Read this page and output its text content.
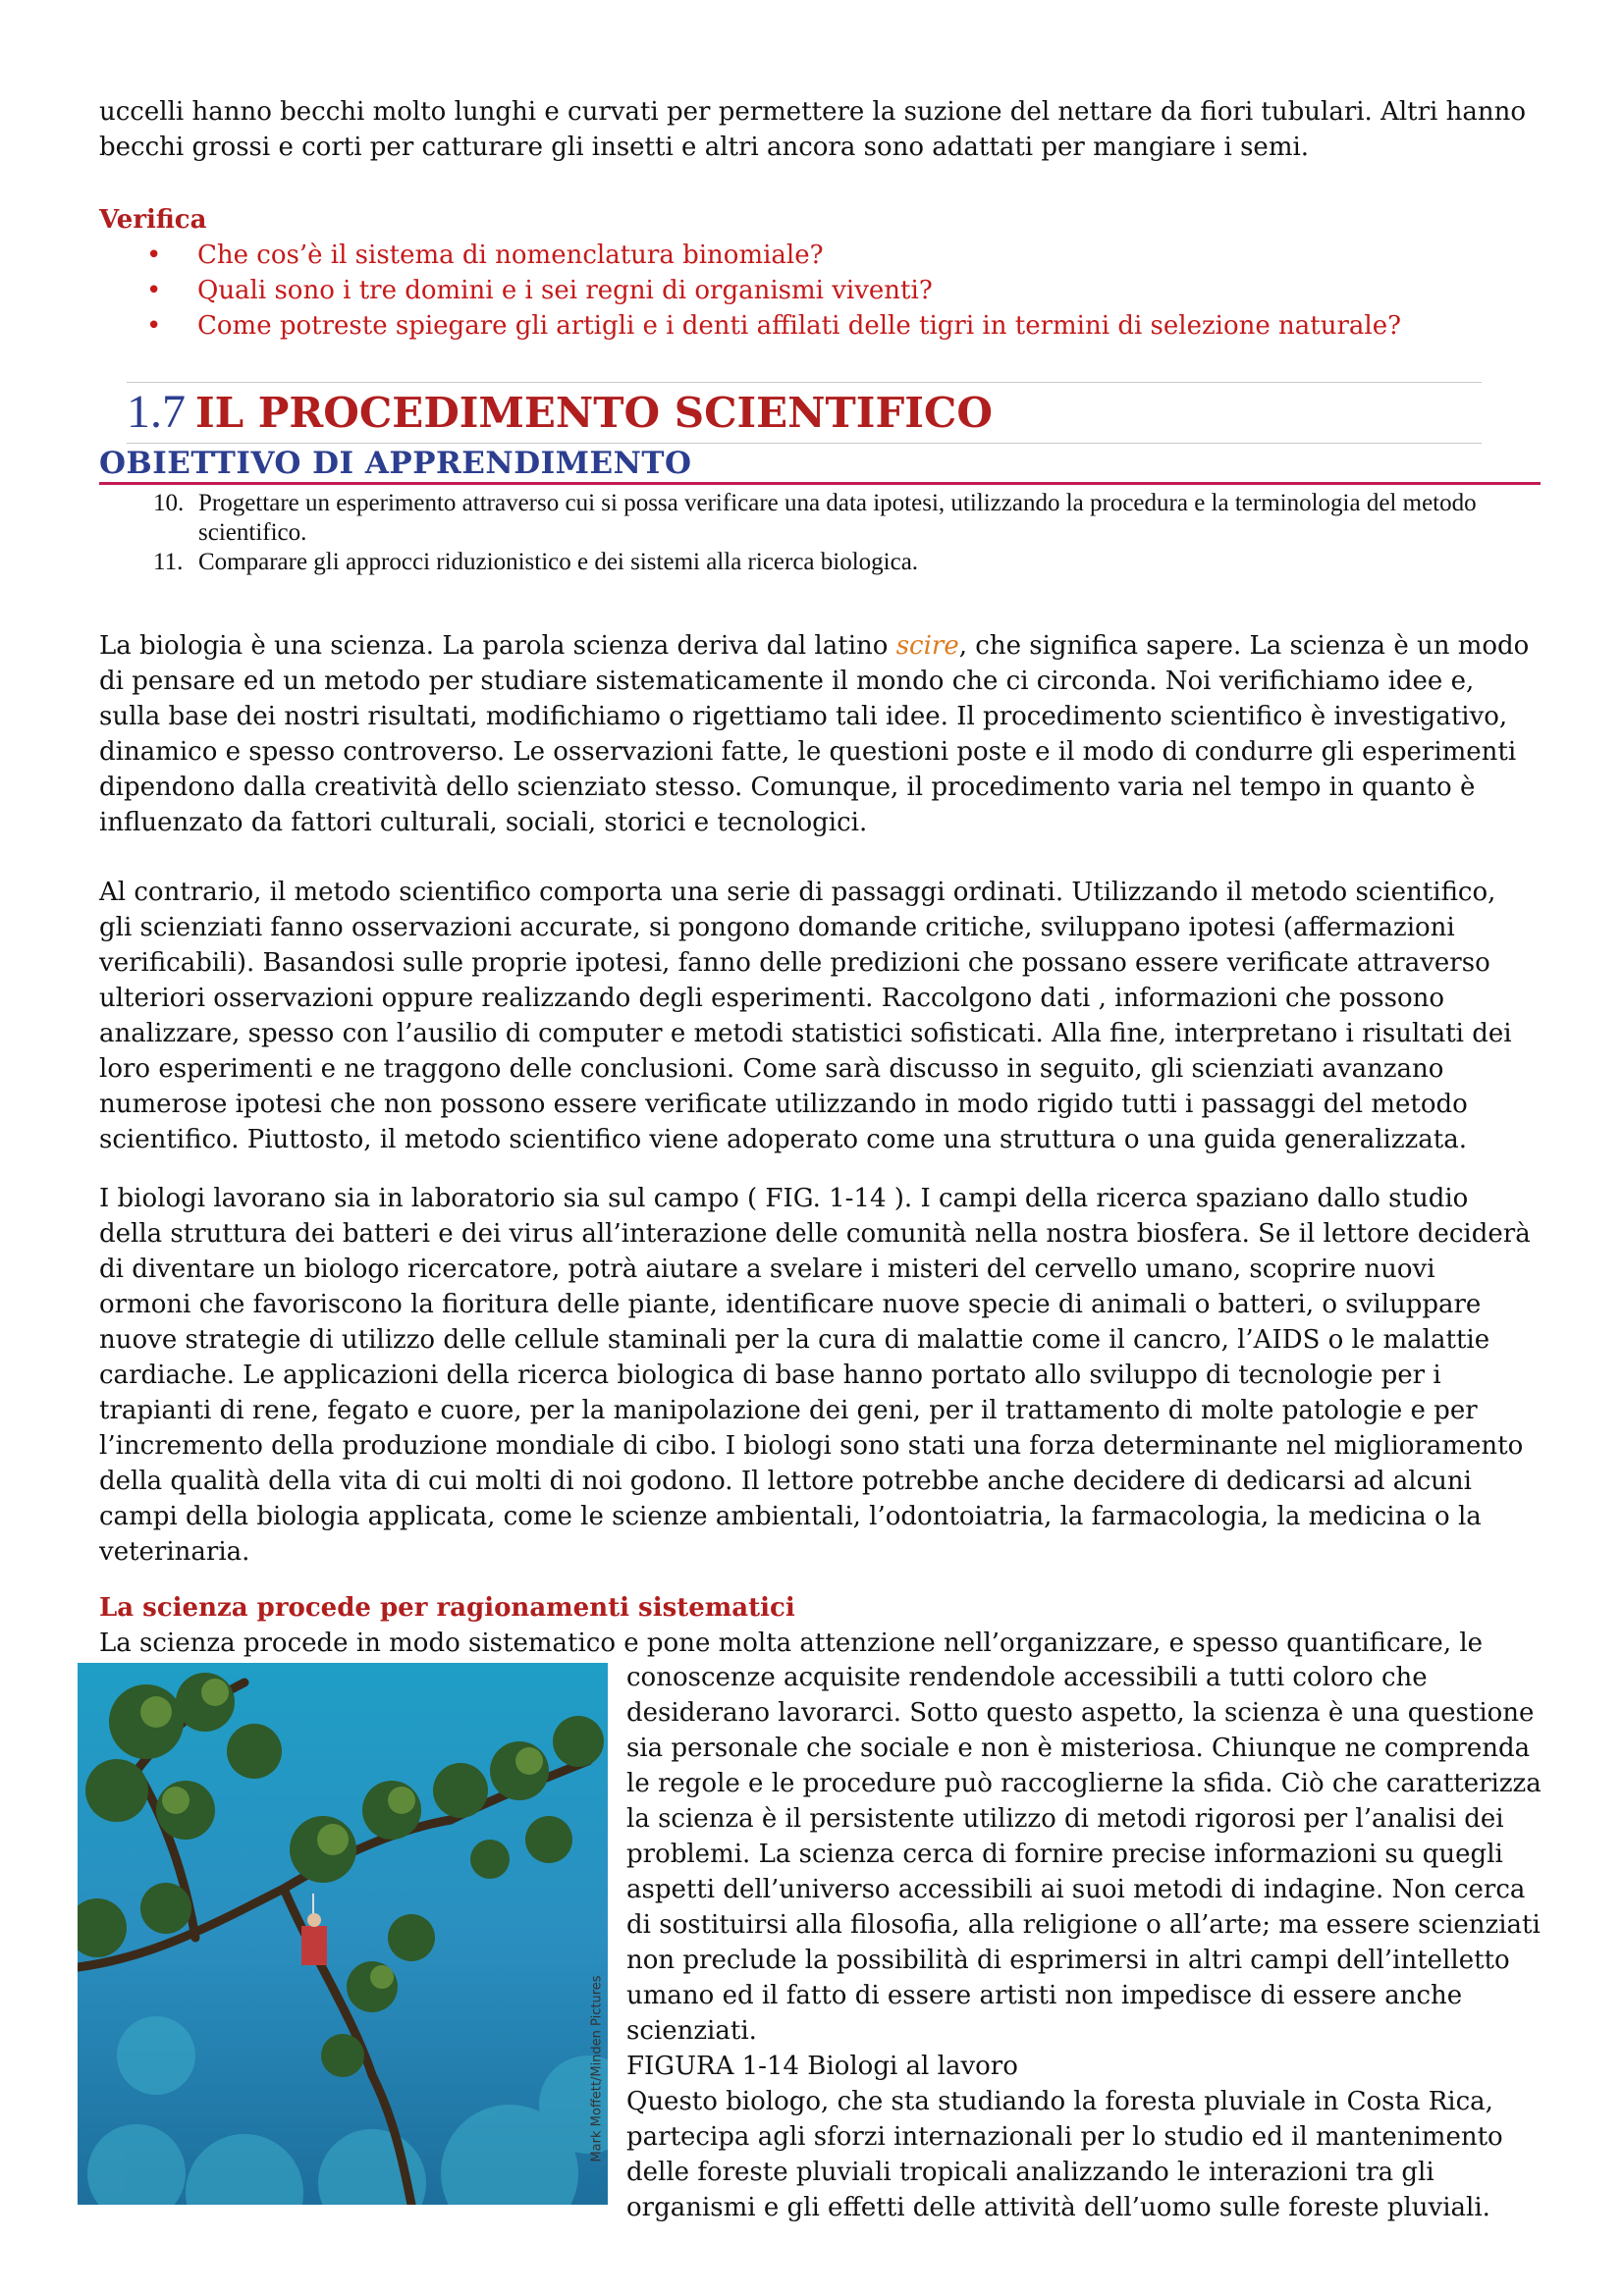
uccelli hanno becchi molto lunghi e curvati per permettere la suzione del nettare da fiori tubulari. Altri hanno becchi grossi e corti per catturare gli insetti e altri ancora sono adattati per mangiare i semi.

Verifica
• Che cos’è il sistema di nomenclatura binomiale?
• Quali sono i tre domini e i sei regni di organismi viventi?
• Come potreste spiegare gli artigli e i denti affilati delle tigri in termini di selezione naturale?
1.7 IL PROCEDIMENTO SCIENTIFICO
OBIETTIVO DI APPRENDIMENTO
10. Progettare un esperimento attraverso cui si possa verificare una data ipotesi, utilizzando la procedura e la terminologia del metodo scientifico.
11. Comparare gli approcci riduzionistico e dei sistemi alla ricerca biologica.

La biologia è una scienza. La parola scienza deriva dal latino scire, che significa sapere. La scienza è un modo di pensare ed un metodo per studiare sistematicamente il mondo che ci circonda. Noi verifichiamo idee e, sulla base dei nostri risultati, modifichiamo o rigettiamo tali idee. Il procedimento scientifico è investigativo, dinamico e spesso controverso. Le osservazioni fatte, le questioni poste e il modo di condurre gli esperimenti dipendono dalla creatività dello scienziato stesso. Comunque, il procedimento varia nel tempo in quanto è influenzato da fattori culturali, sociali, storici e tecnologici.

Al contrario, il metodo scientifico comporta una serie di passaggi ordinati. Utilizzando il metodo scientifico, gli scienziati fanno osservazioni accurate, si pongono domande critiche, sviluppano ipotesi (affermazioni verificabili). Basandosi sulle proprie ipotesi, fanno delle predizioni che possano essere verificate attraverso ulteriori osservazioni oppure realizzando degli esperimenti. Raccolgono dati , informazioni che possono analizzare, spesso con l’ausilio di computer e metodi statistici sofisticati. Alla fine, interpretano i risultati dei loro esperimenti e ne traggono delle conclusioni. Come sarà discusso in seguito, gli scienziati avanzano numerose ipotesi che non possono essere verificate utilizzando in modo rigido tutti i passaggi del metodo scientifico. Piuttosto, il metodo scientifico viene adoperato come una struttura o una guida generalizzata.

I biologi lavorano sia in laboratorio sia sul campo ( FIG. 1-14 ). I campi della ricerca spaziano dallo studio della struttura dei batteri e dei virus all’interazione delle comunità nella nostra biosfera. Se il lettore deciderà di diventare un biologo ricercatore, potrà aiutare a svelare i misteri del cervello umano, scoprire nuovi ormoni che favoriscono la fioritura delle piante, identificare nuove specie di animali o batteri, o sviluppare nuove strategie di utilizzo delle cellule staminali per la cura di malattie come il cancro, l’AIDS o le malattie cardiache. Le applicazioni della ricerca biologica di base hanno portato allo sviluppo di tecnologie per i trapianti di rene, fegato e cuore, per la manipolazione dei geni, per il trattamento di molte patologie e per l’incremento della produzione mondiale di cibo. I biologi sono stati una forza determinante nel miglioramento della qualità della vita di cui molti di noi godono. Il lettore potrebbe anche decidere di dedicarsi ad alcuni campi della biologia applicata, come le scienze ambientali, l’odontoiatria, la farmacologia, la medicina o la veterinaria.

La scienza procede per ragionamenti sistematici
La scienza procede in modo sistematico e pone molta attenzione nell’organizzare, e spesso quantificare, le
Mark Moffett/Minden Pictures
conoscenze acquisite rendendole accessibili a tutti coloro che desiderano lavorarci. Sotto questo aspetto, la scienza è una questione sia personale che sociale e non è misteriosa. Chiunque ne comprenda le regole e le procedure può raccoglierne la sfida. Ciò che caratterizza la scienza è il persistente utilizzo di metodi rigorosi per l’analisi dei problemi. La scienza cerca di fornire precise informazioni su quegli aspetti dell’universo accessibili ai suoi metodi di indagine. Non cerca di sostituirsi alla filosofia, alla religione o all’arte; ma essere scienziati non preclude la possibilità di esprimersi in altri campi dell’intelletto umano ed il fatto di essere artisti non impedisce di essere anche scienziati.
FIGURA 1-14 Biologi al lavoro
Questo biologo, che sta studiando la foresta pluviale in Costa Rica, partecipa agli sforzi internazionali per lo studio ed il mantenimento delle foreste pluviali tropicali analizzando le interazioni tra gli organismi e gli effetti delle attività dell’uomo sulle foreste pluviali.
